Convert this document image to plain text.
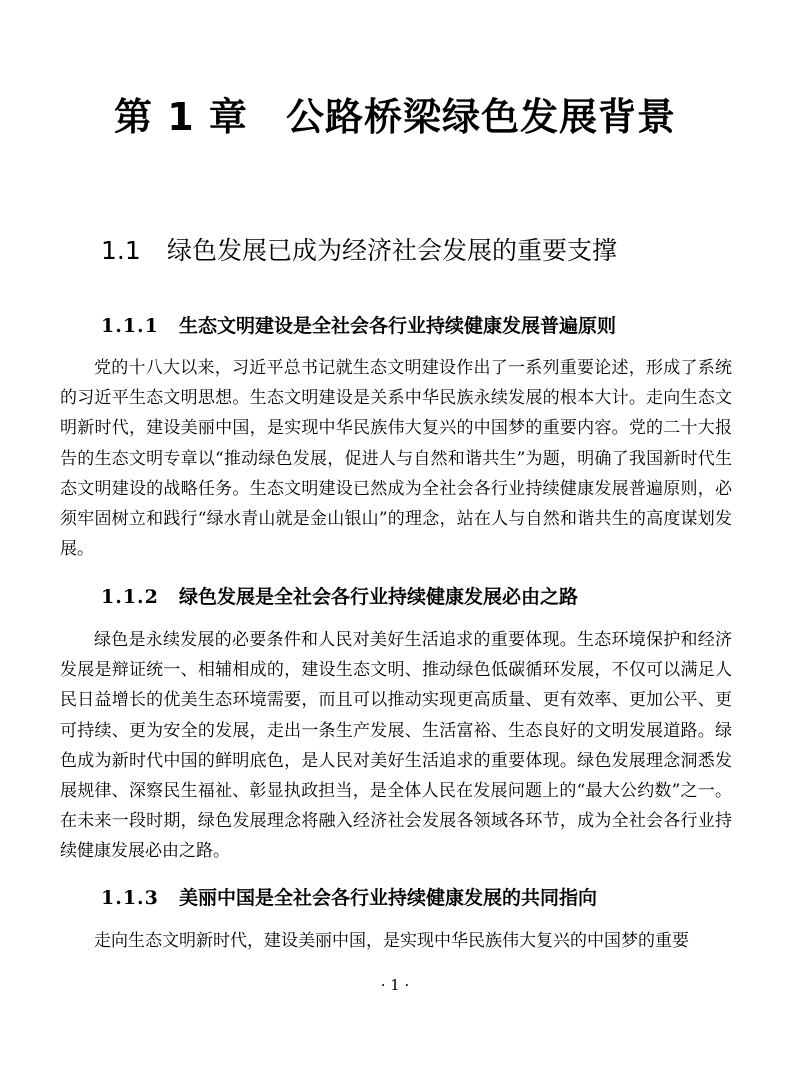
第 1 章 公路桥梁绿色发展背景
1.1 绿色发展已成为经济社会发展的重要支撑
1.1.1 生态文明建设是全社会各行业持续健康发展普遍原则

党的十八大以来，习近平总书记就生态文明建设作出了一系列重要论述，形成了系统的习近平生态文明思想。生态文明建设是关系中华民族永续发展的根本大计。走向生态文明新时代，建设美丽中国，是实现中华民族伟大复兴的中国梦的重要内容。党的二十大报告的生态文明专章以“推动绿色发展，促进人与自然和谐共生”为题，明确了我国新时代生态文明建设的战略任务。生态文明建设已然成为全社会各行业持续健康发展普遍原则，必须牢固树立和践行“绿水青山就是金山银山”的理念，站在人与自然和谐共生的高度谋划发展。

1.1.2 绿色发展是全社会各行业持续健康发展必由之路

绿色是永续发展的必要条件和人民对美好生活追求的重要体现。生态环境保护和经济发展是辩证统一、相辅相成的，建设生态文明、推动绿色低碳循环发展，不仅可以满足人民日益增长的优美生态环境需要，而且可以推动实现更高质量、更有效率、更加公平、更可持续、更为安全的发展，走出一条生产发展、生活富裕、生态良好的文明发展道路。绿色成为新时代中国的鲜明底色，是人民对美好生活追求的重要体现。绿色发展理念洞悉发展规律、深察民生福祉、彰显执政担当，是全体人民在发展问题上的“最大公约数”之一。在未来一段时期，绿色发展理念将融入经济社会发展各领域各环节，成为全社会各行业持续健康发展必由之路。

1.1.3 美丽中国是全社会各行业持续健康发展的共同指向

走向生态文明新时代，建设美丽中国，是实现中华民族伟大复兴的中国梦的重要

· 1 ·
